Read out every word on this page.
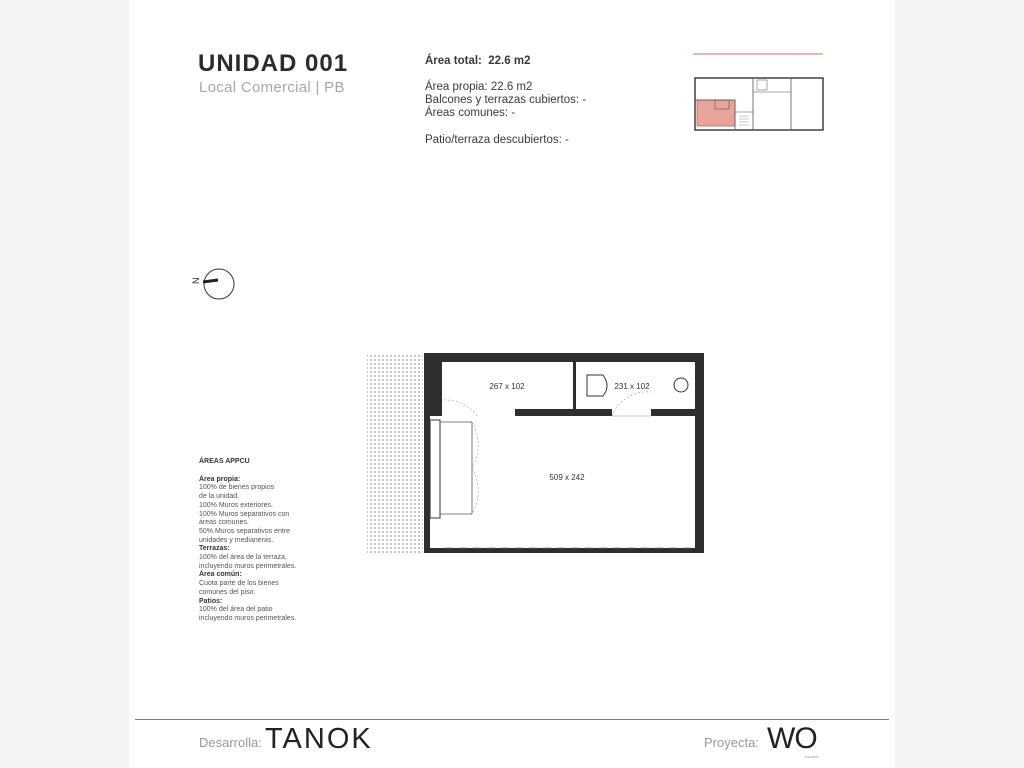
UNIDAD 001
Local Comercial | PB
Área total: 22.6 m2
Área propia: 22.6 m2
Balcones y terrazas cubiertos: -
Áreas comunes: -
Patio/terraza descubiertos: -
N
267 x 102	231 x 102
509 x 242
ÁREAS APPCU
Área propia:
100% de bienes propios
de la unidad.
100% Muros exteriores.
100% Muros separativos con
áreas comunes.
50% Muros separativos entre
unidades y medianeras.
Terrazas:
100% del área de la terraza,
incluyendo muros perimetrales.
Área común:
Cuota parte de los bienes
comunes del piso.
Patios:
100% del área del patio
incluyendo muros perimetrales.
Desarrolla: TANOK	Proyecta: WO
espacio
